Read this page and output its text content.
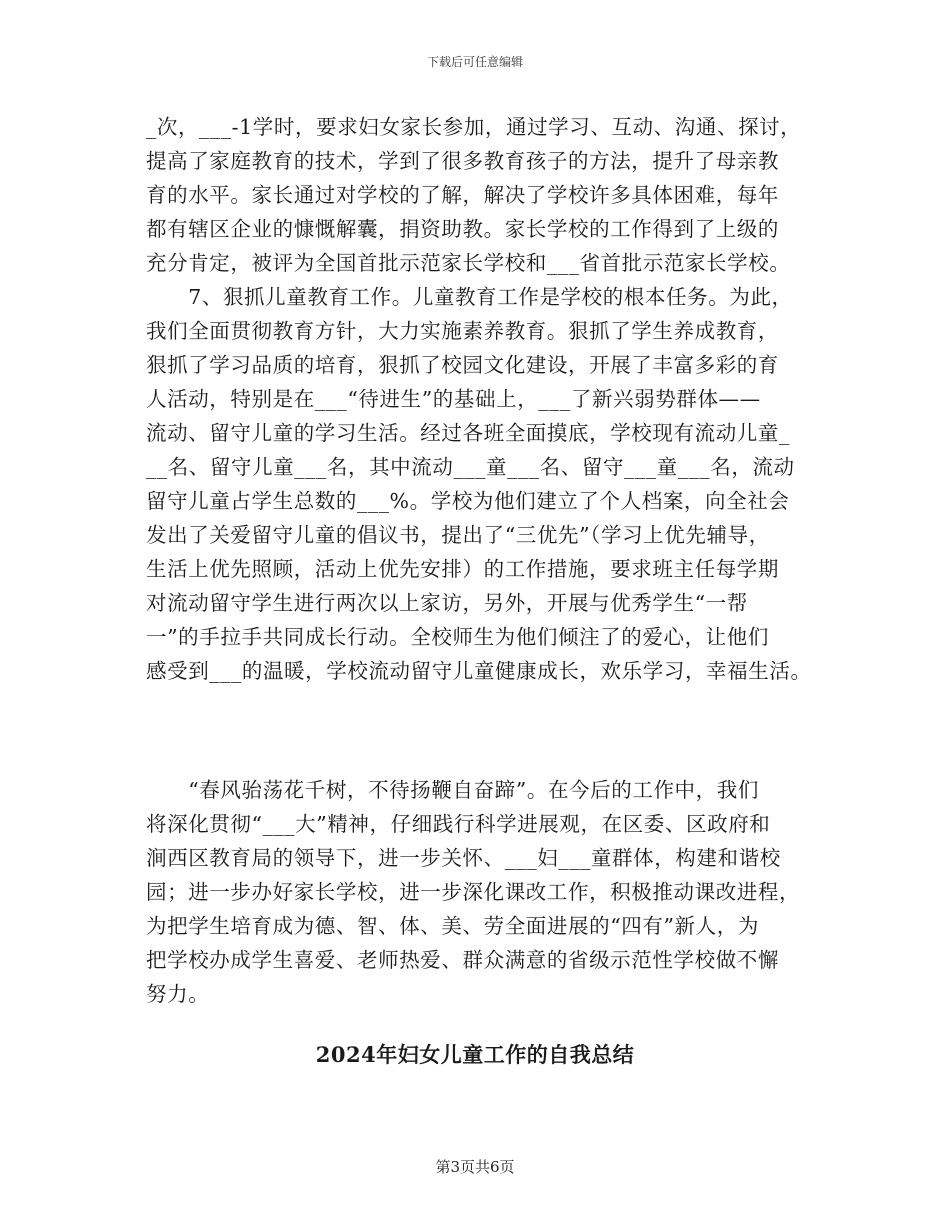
下载后可任意编辑
_次，___-1学时，要求妇女家长参加，通过学习、互动、沟通、探讨，
提高了家庭教育的技术，学到了很多教育孩子的方法，提升了母亲教
育的水平。家长通过对学校的了解，解决了学校许多具体困难，每年
都有辖区企业的慷慨解囊，捐资助教。家长学校的工作得到了上级的
充分肯定，被评为全国首批示范家长学校和___省首批示范家长学校。
　　7、狠抓儿童教育工作。儿童教育工作是学校的根本任务。为此，
我们全面贯彻教育方针，大力实施素养教育。狠抓了学生养成教育，
狠抓了学习品质的培育，狠抓了校园文化建设，开展了丰富多彩的育
人活动，特别是在___“待进生”的基础上，___了新兴弱势群体——
流动、留守儿童的学习生活。经过各班全面摸底，学校现有流动儿童_
__名、留守儿童___名，其中流动___童___名、留守___童___名，流动
留守儿童占学生总数的___%。学校为他们建立了个人档案，向全社会
发出了关爱留守儿童的倡议书，提出了“三优先”（学习上优先辅导，
生活上优先照顾，活动上优先安排）的工作措施，要求班主任每学期
对流动留守学生进行两次以上家访，另外，开展与优秀学生“一帮
一”的手拉手共同成长行动。全校师生为他们倾注了的爱心，让他们
感受到___的温暖，学校流动留守儿童健康成长，欢乐学习，幸福生活。
　　“春风骀荡花千树，不待扬鞭自奋蹄”。在今后的工作中，我们
将深化贯彻“___大”精神，仔细践行科学进展观，在区委、区政府和
涧西区教育局的领导下，进一步关怀、___妇___童群体，构建和谐校
园；进一步办好家长学校，进一步深化课改工作，积极推动课改进程，
为把学生培育成为德、智、体、美、劳全面进展的“四有”新人，为
把学校办成学生喜爱、老师热爱、群众满意的省级示范性学校做不懈
努力。
2024年妇女儿童工作的自我总结
第3页共6页
